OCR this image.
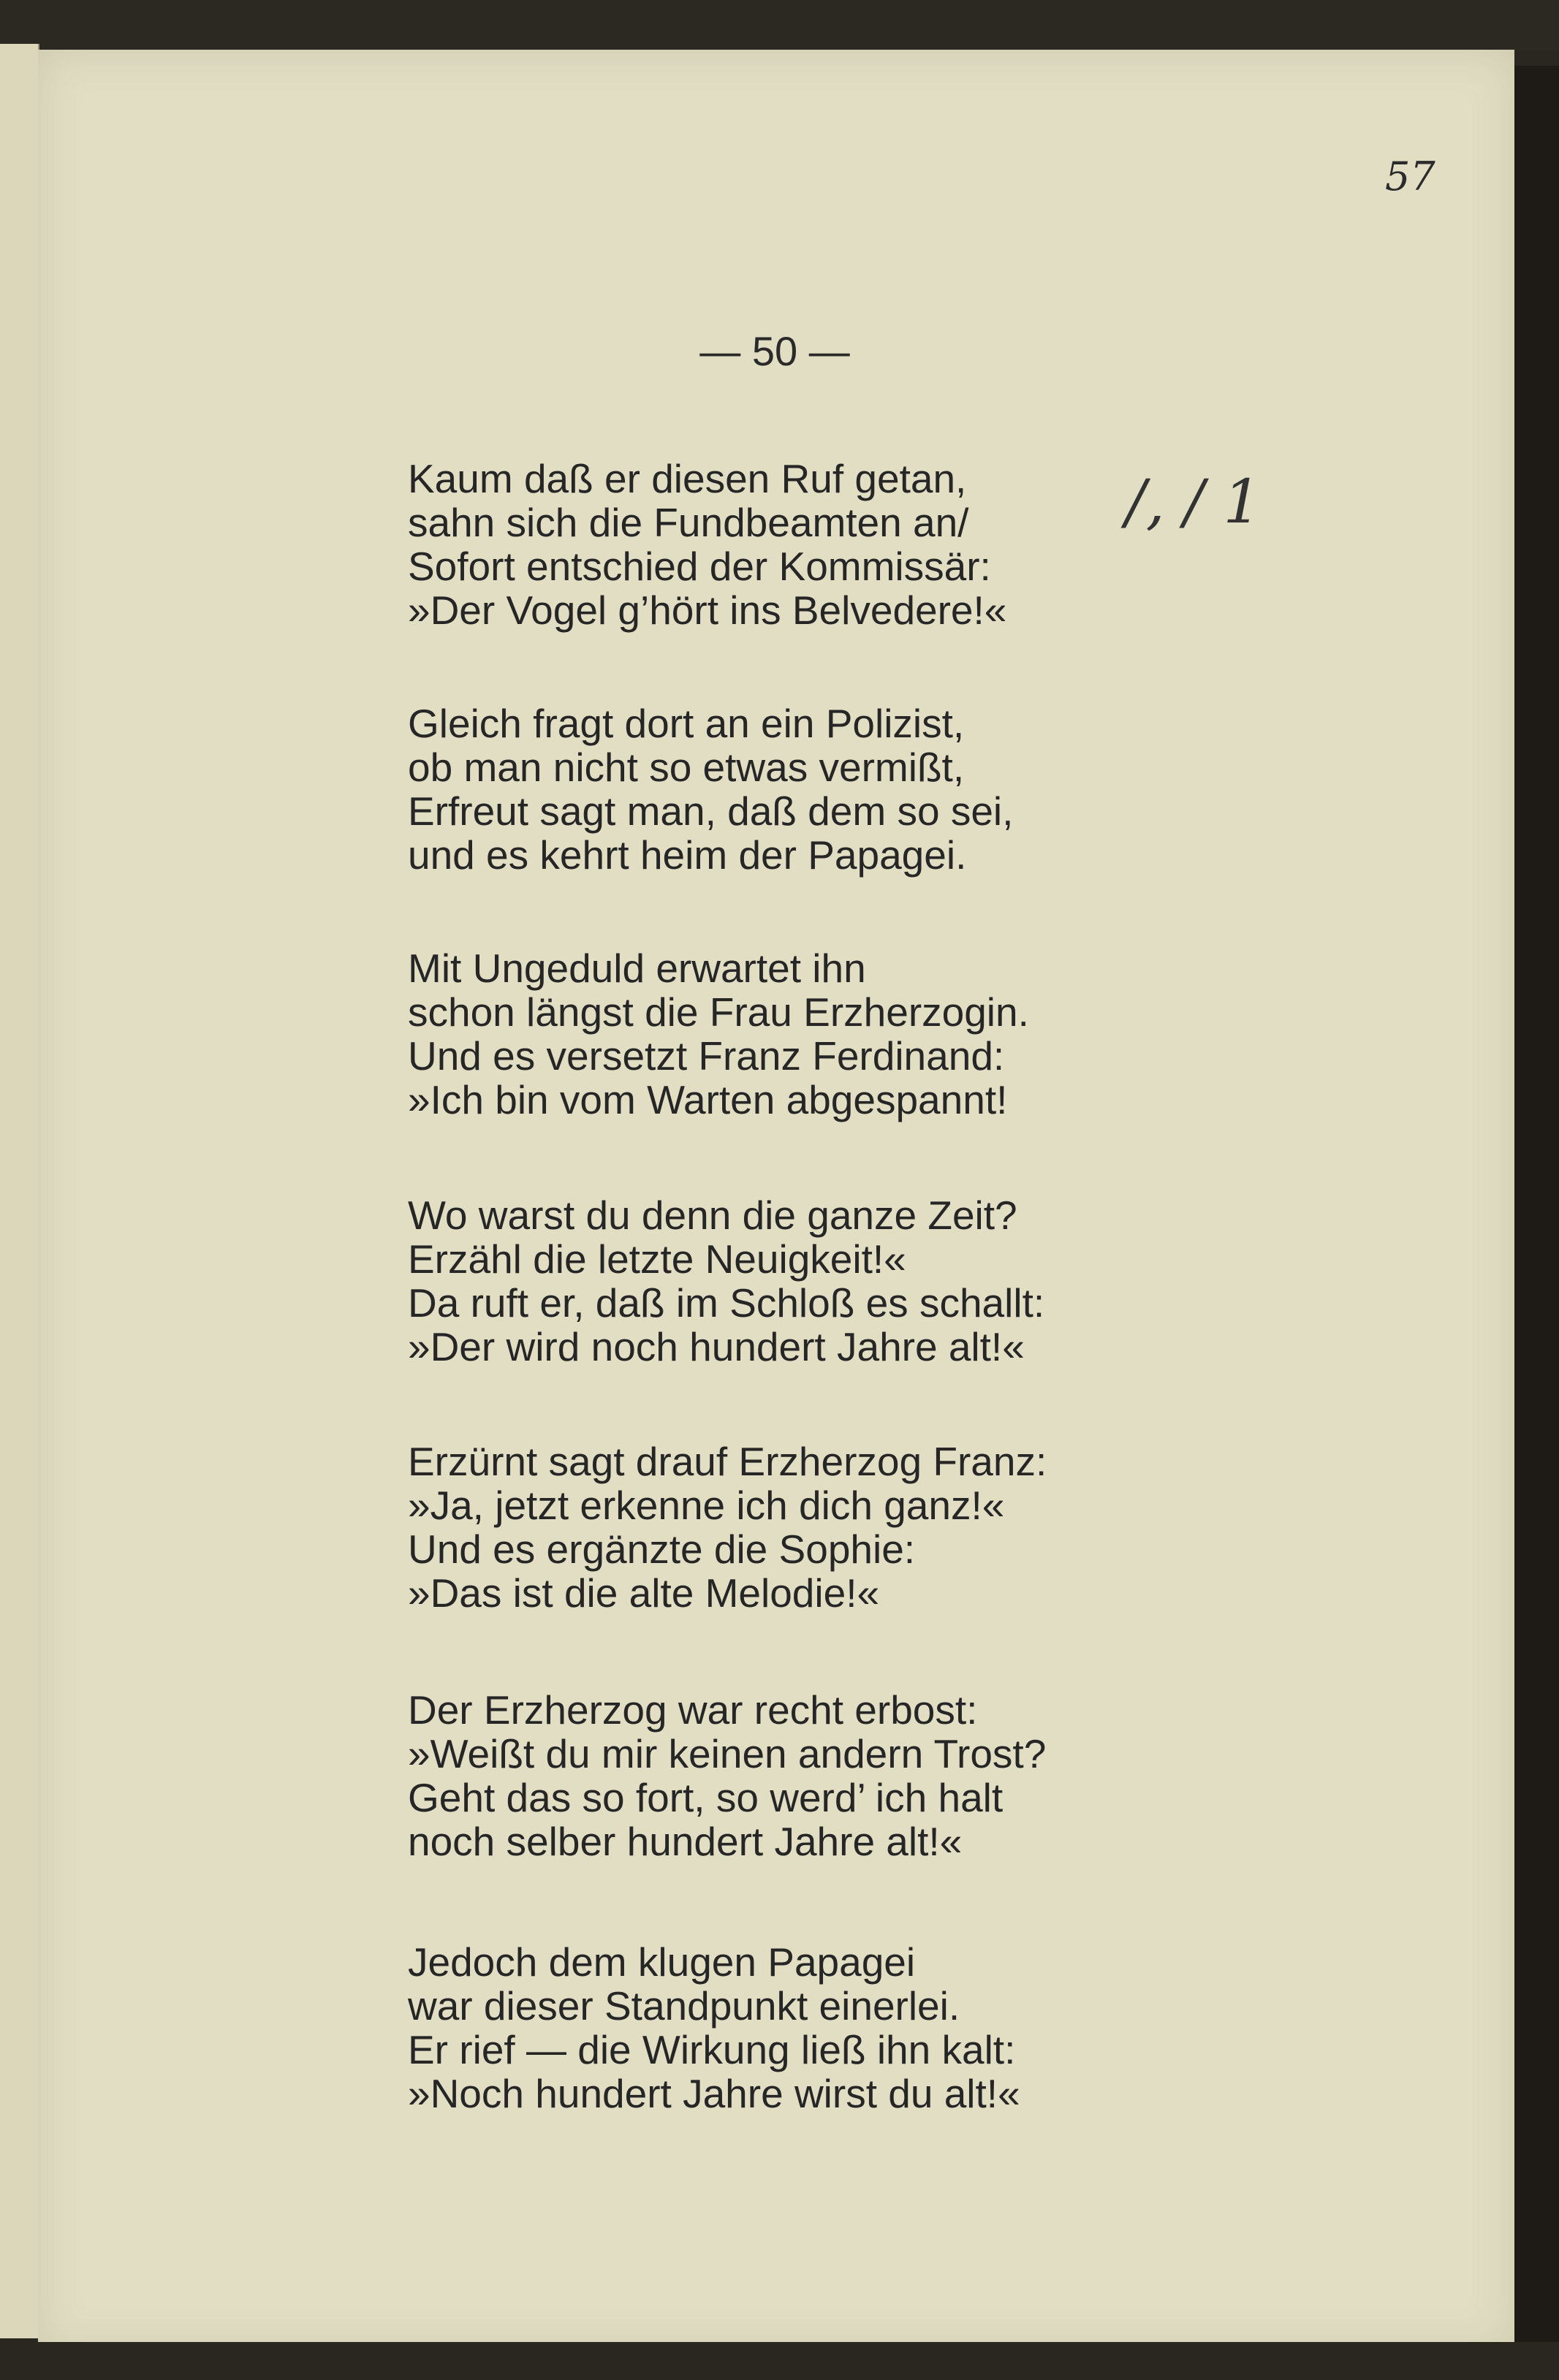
57
— 50 —
/, / 1
Kaum daß er diesen Ruf getan,
sahn sich die Fundbeamten an/
Sofort entschied der Kommissär:
»Der Vogel g’hört ins Belvedere!«
Gleich fragt dort an ein Polizist,
ob man nicht so etwas vermißt,
Erfreut sagt man, daß dem so sei,
und es kehrt heim der Papagei.
Mit Ungeduld erwartet ihn
schon längst die Frau Erzherzogin.
Und es versetzt Franz Ferdinand:
»Ich bin vom Warten abgespannt!
Wo warst du denn die ganze Zeit?
Erzähl die letzte Neuigkeit!«
Da ruft er, daß im Schloß es schallt:
»Der wird noch hundert Jahre alt!«
Erzürnt sagt drauf Erzherzog Franz:
»Ja, jetzt erkenne ich dich ganz!«
Und es ergänzte die Sophie:
»Das ist die alte Melodie!«
Der Erzherzog war recht erbost:
»Weißt du mir keinen andern Trost?
Geht das so fort, so werd’ ich halt
noch selber hundert Jahre alt!«
Jedoch dem klugen Papagei
war dieser Standpunkt einerlei.
Er rief — die Wirkung ließ ihn kalt:
»Noch hundert Jahre wirst du alt!«
